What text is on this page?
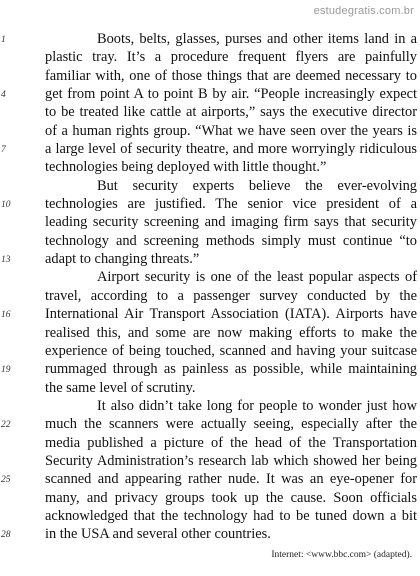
estudegratis.com.br
1	Boots, belts, glasses, purses and other items land in a
plastic tray. It’s a procedure frequent flyers are painfully
familiar with, one of those things that are deemed necessary to
4	get from point A to point B by air. “People increasingly expect
to be treated like cattle at airports,” says the executive director
of a human rights group. “What we have seen over the years is
7	a large level of security theatre, and more worryingly ridiculous
technologies being deployed with little thought.”
But security experts believe the ever-evolving
10	technologies are justified. The senior vice president of a
leading security screening and imaging firm says that security
technology and screening methods simply must continue “to
13	adapt to changing threats.”
Airport security is one of the least popular aspects of
travel, according to a passenger survey conducted by the
16	International Air Transport Association (IATA). Airports have
realised this, and some are now making efforts to make the
experience of being touched, scanned and having your suitcase
19	rummaged through as painless as possible, while maintaining
the same level of scrutiny.
It also didn’t take long for people to wonder just how
22	much the scanners were actually seeing, especially after the
media published a picture of the head of the Transportation
Security Administration’s research lab which showed her being
25	scanned and appearing rather nude. It was an eye-opener for
many, and privacy groups took up the cause. Soon officials
acknowledged that the technology had to be tuned down a bit
28	in the USA and several other countries.
Internet: <www.bbc.com> (adapted).
